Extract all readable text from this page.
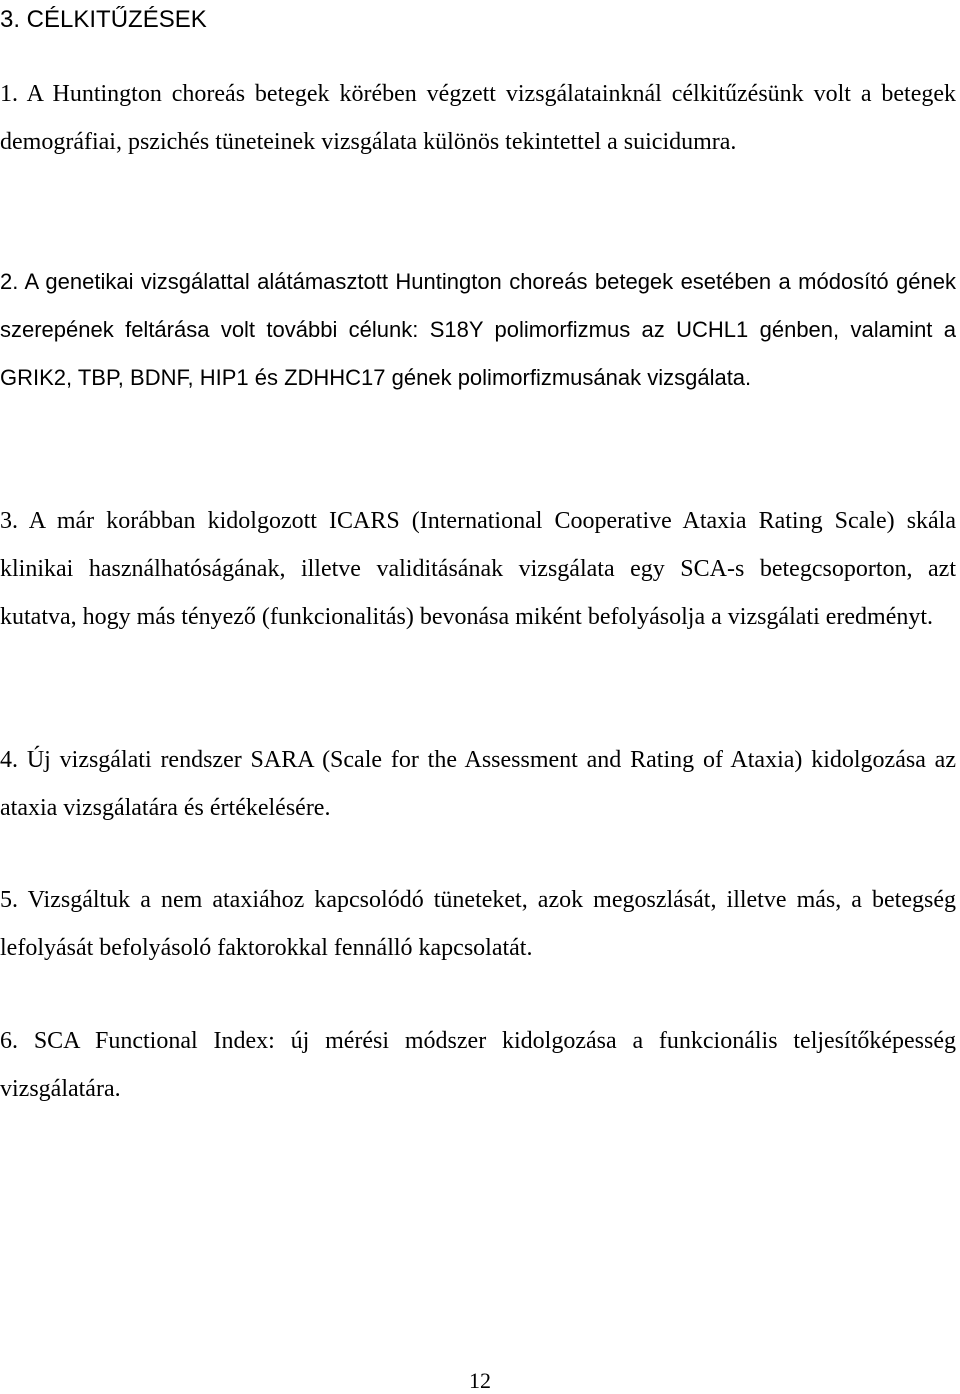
3. CÉLKITŰZÉSEK

1. A Huntington choreás betegek körében végzett vizsgálatainknál célkitűzésünk volt a betegek demográfiai, pszichés tüneteinek vizsgálata különös tekintettel a suicidumra.

2. A genetikai vizsgálattal alátámasztott Huntington choreás betegek esetében a módosító gének szerepének feltárása volt további célunk: S18Y polimorfizmus az UCHL1 génben, valamint a GRIK2, TBP, BDNF, HIP1 és ZDHHC17 gének polimorfizmusának vizsgálata.

3. A már korábban kidolgozott ICARS (International Cooperative Ataxia Rating Scale) skála klinikai használhatóságának, illetve validitásának vizsgálata egy SCA-s betegcsoporton, azt kutatva, hogy más tényező (funkcionalitás) bevonása miként befolyásolja a vizsgálati eredményt.

4. Új vizsgálati rendszer SARA (Scale for the Assessment and Rating of Ataxia) kidolgozása az ataxia vizsgálatára és értékelésére.

5. Vizsgáltuk a nem ataxiához kapcsolódó tüneteket, azok megoszlását, illetve más, a betegség lefolyását befolyásoló faktorokkal fennálló kapcsolatát.

6. SCA Functional Index: új mérési módszer kidolgozása a funkcionális teljesítőképesség vizsgálatára.

12
